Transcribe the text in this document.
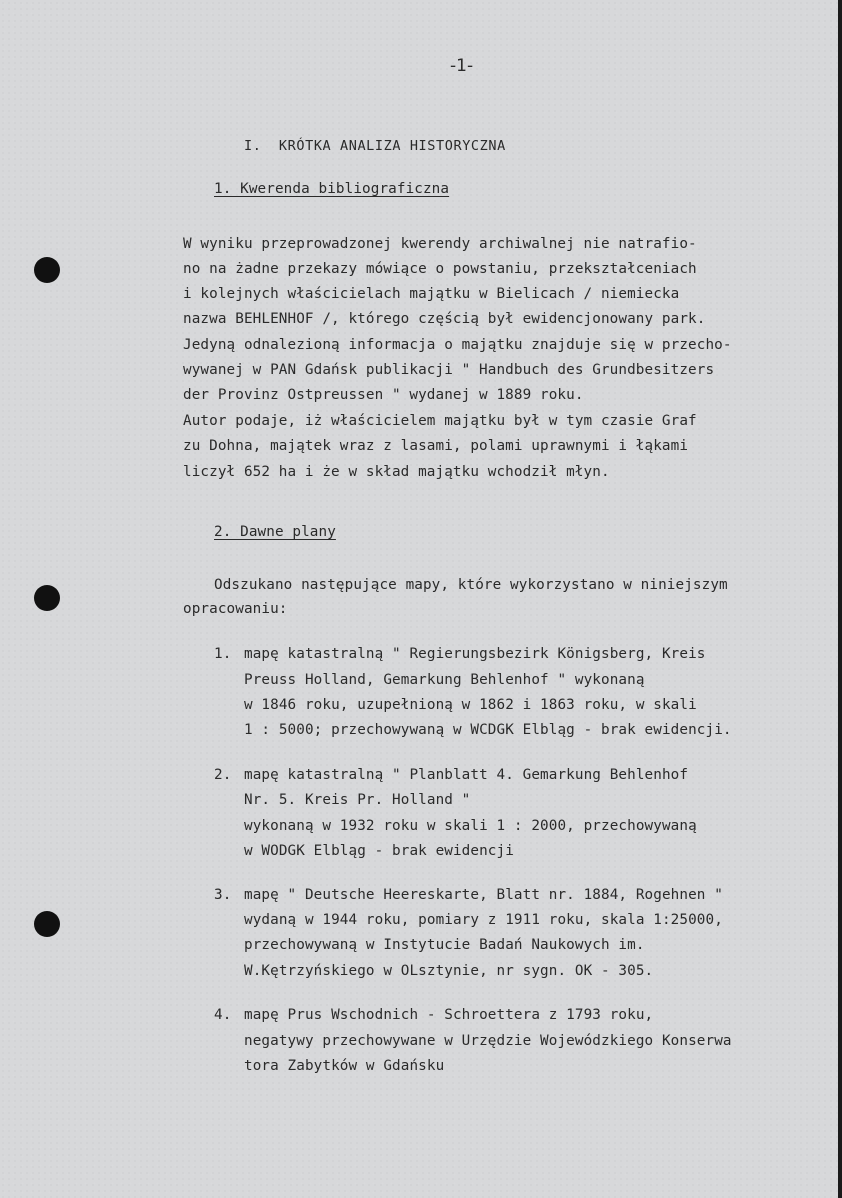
-1-
I.  KRÓTKA ANALIZA HISTORYCZNA
1. Kwerenda bibliograficzna
W wyniku przeprowadzonej kwerendy archiwalnej nie natrafio-
no na żadne przekazy mówiące o powstaniu, przekształceniach
i kolejnych właścicielach majątku w Bielicach / niemiecka
nazwa BEHLENHOF /, którego częścią był ewidencjonowany park.
Jedyną odnalezioną informacja o majątku znajduje się w przecho-
wywanej w PAN Gdańsk publikacji " Handbuch des Grundbesitzers
der Provinz Ostpreussen " wydanej w 1889 roku.
Autor podaje, iż właścicielem majątku był w tym czasie Graf
zu Dohna, majątek wraz z lasami, polami uprawnymi i łąkami
liczył 652 ha i że w skład majątku wchodził młyn.
2. Dawne plany
Odszukano następujące mapy, które wykorzystano w niniejszym
opracowaniu:
1. mapę katastralną " Regierungsbezirk Königsberg, Kreis
Preuss Holland, Gemarkung Behlenhof " wykonaną
w 1846 roku, uzupełnioną w 1862 i 1863 roku, w skali
1 : 5000; przechowywaną w WCDGK Elbląg - brak ewidencji.
2. mapę katastralną " Planblatt 4. Gemarkung Behlenhof
Nr. 5. Kreis Pr. Holland "
wykonaną w 1932 roku w skali 1 : 2000, przechowywaną
w WODGK Elbląg - brak ewidencji
3. mapę " Deutsche Heereskarte, Blatt nr. 1884, Rogehnen "
wydaną w 1944 roku, pomiary z 1911 roku, skala 1:25000,
przechowywaną w Instytucie Badań Naukowych im.
W.Kętrzyńskiego w OLsztynie, nr sygn. OK - 305.
4. mapę Prus Wschodnich - Schroettera z 1793 roku,
negatywy przechowywane w Urzędzie Wojewódzkiego Konserwa
tora Zabytków w Gdańsku
